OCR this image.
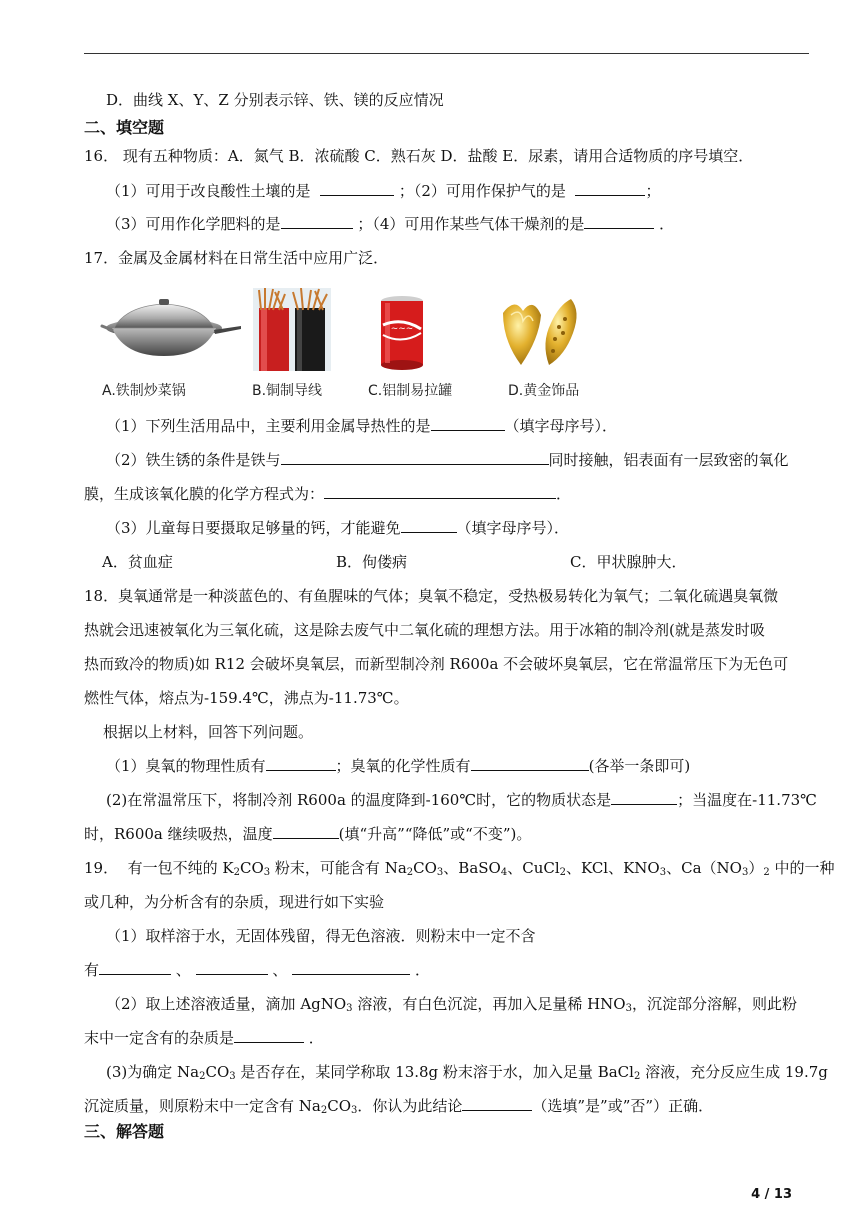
D．曲线 X、Y、Z 分别表示锌、铁、镁的反应情况
二、填空题
16． 现有五种物质：A．氮气 B．浓硫酸 C．熟石灰 D．盐酸 E．尿素，请用合适物质的序号填空．
（1）可用于改良酸性土壤的是	；（2）可用作保护气的是	；
（3）可用作化学肥料的是	；（4）可用作某些气体干燥剂的是	．
17．金属及金属材料在日常生活中应用广泛．
~~~
A.铁制炒菜锅	B.铜制导线	C.铝制易拉罐	D.黄金饰品
（1）下列生活用品中，主要利用金属导热性的是	（填字母序号）．
（2）铁生锈的条件是铁与	同时接触，铝表面有一层致密的氧化
膜，生成该氧化膜的化学方程式为：	．
（3）儿童每日要摄取足够量的钙，才能避免	（填字母序号）．
A．贫血症	B．佝偻病	C．甲状腺肿大．
18．臭氧通常是一种淡蓝色的、有鱼腥味的气体；臭氧不稳定，受热极易转化为氧气；二氧化硫遇臭氧微
热就会迅速被氧化为三氧化硫，这是除去废气中二氧化硫的理想方法。用于冰箱的制冷剂(就是蒸发时吸
热而致冷的物质)如 R12 会破坏臭氧层，而新型制冷剂 R600a 不会破坏臭氧层，它在常温常压下为无色可
燃性气体，熔点为-159.4℃，沸点为-11.73℃。
根据以上材料，回答下列问题。
（1）臭氧的物理性质有	；臭氧的化学性质有	(各举一条即可)
(2)在常温常压下，将制冷剂 R600a 的温度降到-160℃时，它的物质状态是	；当温度在-11.73℃
时，R600a 继续吸热，温度	(填“升高”“降低”或“不变”)。
19． 有一包不纯的 $K_2CO_3$ 粉末，可能含有 $Na_2CO_3$、BaSO$_4$、CuCl$_2$、KCl、$KNO_3$、$Ca(NO_3)_2$ 中的一种
或几种，为分析含有的杂质，现进行如下实验
（1）取样溶于水，无固体残留，得无色溶液．则粉末中一定不含
有	、	、	．
（2）取上述溶液适量，滴加 AgNO$_3$ 溶液，有白色沉淀，再加入足量稀 $HNO_3$，沉淀部分溶解，则此粉
末中一定含有的杂质是	．
(3)为确定 $Na_2CO_3$ 是否存在，某同学称取 13.8g 粉末溶于水，加入足量 BaCl$_2$ 溶液，充分反应生成 19.7g
沉淀质量，则原粉末中一定含有 $Na_2CO_3$．你认为此结论	（选填”是”或”否”）正确．
三、解答题
4 / 13
